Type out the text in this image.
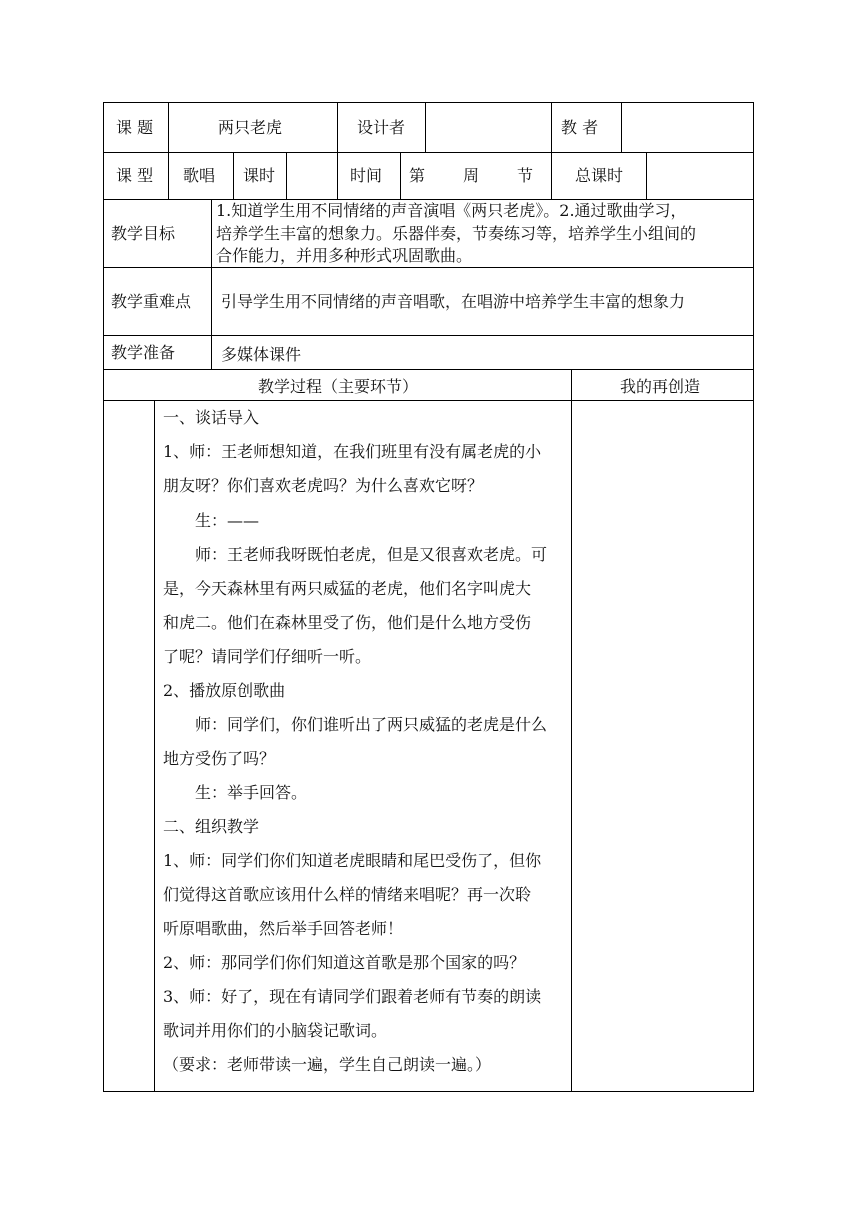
课 题	两只老虎	设计者	教 者
课 型 歌唱 课时	时间 第　　周　　节 总课时
教学目标
1.知道学生用不同情绪的声音演唱《两只老虎》。2.通过歌曲学习，
培养学生丰富的想象力。乐器伴奏，节奏练习等，培养学生小组间的
合作能力，并用多种形式巩固歌曲。
教学重难点 引导学生用不同情绪的声音唱歌，在唱游中培养学生丰富的想象力
教学准备	多媒体课件
教学过程（主要环节）	我的再创造
一、谈话导入
1、师：王老师想知道，在我们班里有没有属老虎的小
朋友呀？你们喜欢老虎吗？为什么喜欢它呀？
　　生：——
　　师：王老师我呀既怕老虎，但是又很喜欢老虎。可
是，今天森林里有两只威猛的老虎，他们名字叫虎大
和虎二。他们在森林里受了伤，他们是什么地方受伤
了呢？请同学们仔细听一听。
2、播放原创歌曲
　　师：同学们，你们谁听出了两只威猛的老虎是什么
地方受伤了吗？
　　生：举手回答。
二、组织教学
1、师：同学们你们知道老虎眼睛和尾巴受伤了，但你
们觉得这首歌应该用什么样的情绪来唱呢？再一次聆
听原唱歌曲，然后举手回答老师！
2、师：那同学们你们知道这首歌是那个国家的吗？
3、师：好了，现在有请同学们跟着老师有节奏的朗读
歌词并用你们的小脑袋记歌词。
（要求：老师带读一遍，学生自己朗读一遍。）
